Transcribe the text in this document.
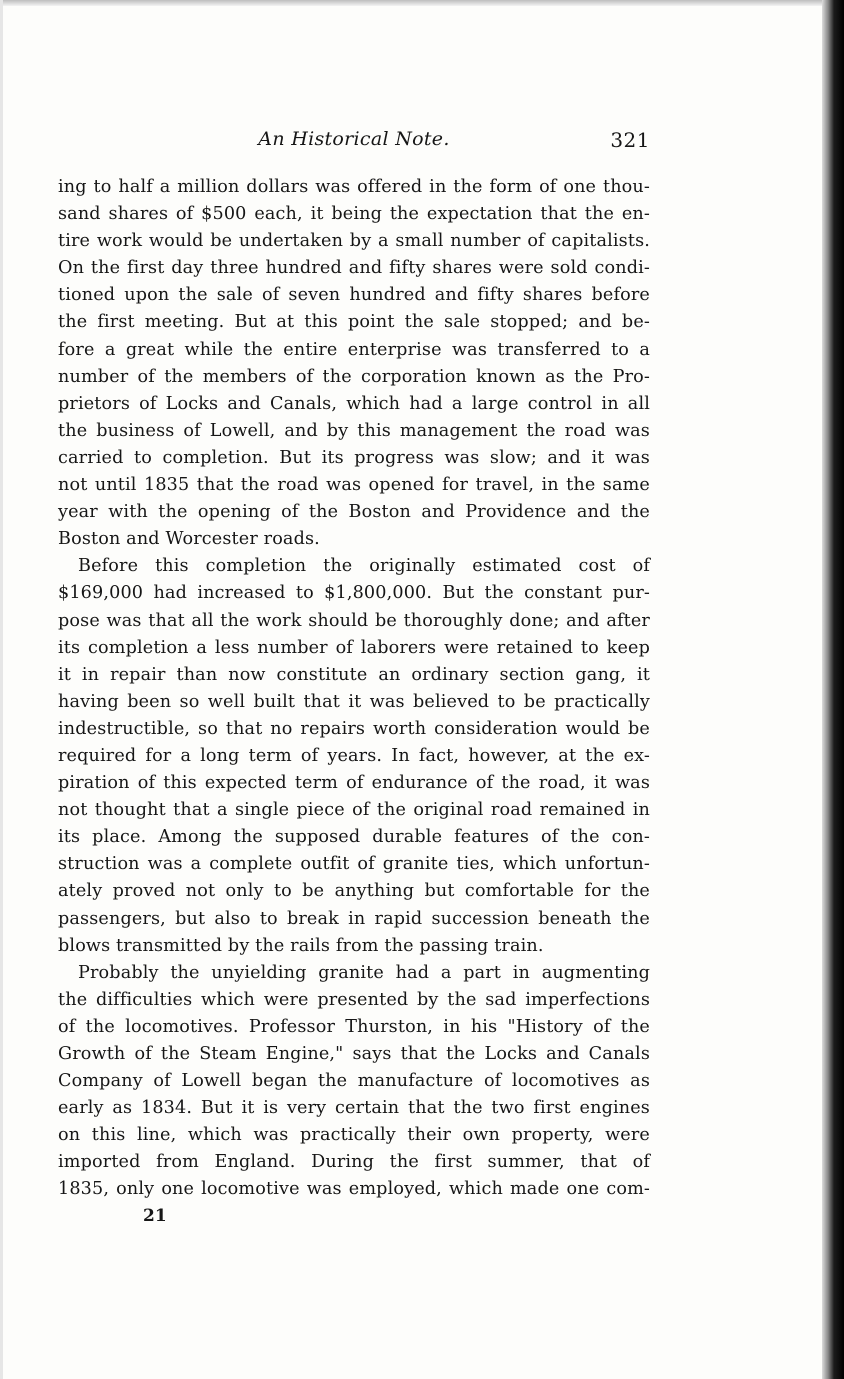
An Historical Note.	321
ing to half a million dollars was offered in the form of one thou-
sand shares of $500 each, it being the expectation that the en-
tire work would be undertaken by a small number of capitalists.
On the first day three hundred and fifty shares were sold condi-
tioned upon the sale of seven hundred and fifty shares before
the first meeting. But at this point the sale stopped; and be-
fore a great while the entire enterprise was transferred to a
number of the members of the corporation known as the Pro-
prietors of Locks and Canals, which had a large control in all
the business of Lowell, and by this management the road was
carried to completion. But its progress was slow; and it was
not until 1835 that the road was opened for travel, in the same
year with the opening of the Boston and Providence and the
Boston and Worcester roads.
Before this completion the originally estimated cost of
$169,000 had increased to $1,800,000. But the constant pur-
pose was that all the work should be thoroughly done; and after
its completion a less number of laborers were retained to keep
it in repair than now constitute an ordinary section gang, it
having been so well built that it was believed to be practically
indestructible, so that no repairs worth consideration would be
required for a long term of years. In fact, however, at the ex-
piration of this expected term of endurance of the road, it was
not thought that a single piece of the original road remained in
its place. Among the supposed durable features of the con-
struction was a complete outfit of granite ties, which unfortun-
ately proved not only to be anything but comfortable for the
passengers, but also to break in rapid succession beneath the
blows transmitted by the rails from the passing train.
Probably the unyielding granite had a part in augmenting
the difficulties which were presented by the sad imperfections
of the locomotives. Professor Thurston, in his "History of the
Growth of the Steam Engine," says that the Locks and Canals
Company of Lowell began the manufacture of locomotives as
early as 1834. But it is very certain that the two first engines
on this line, which was practically their own property, were
imported from England. During the first summer, that of
1835, only one locomotive was employed, which made one com-
21
